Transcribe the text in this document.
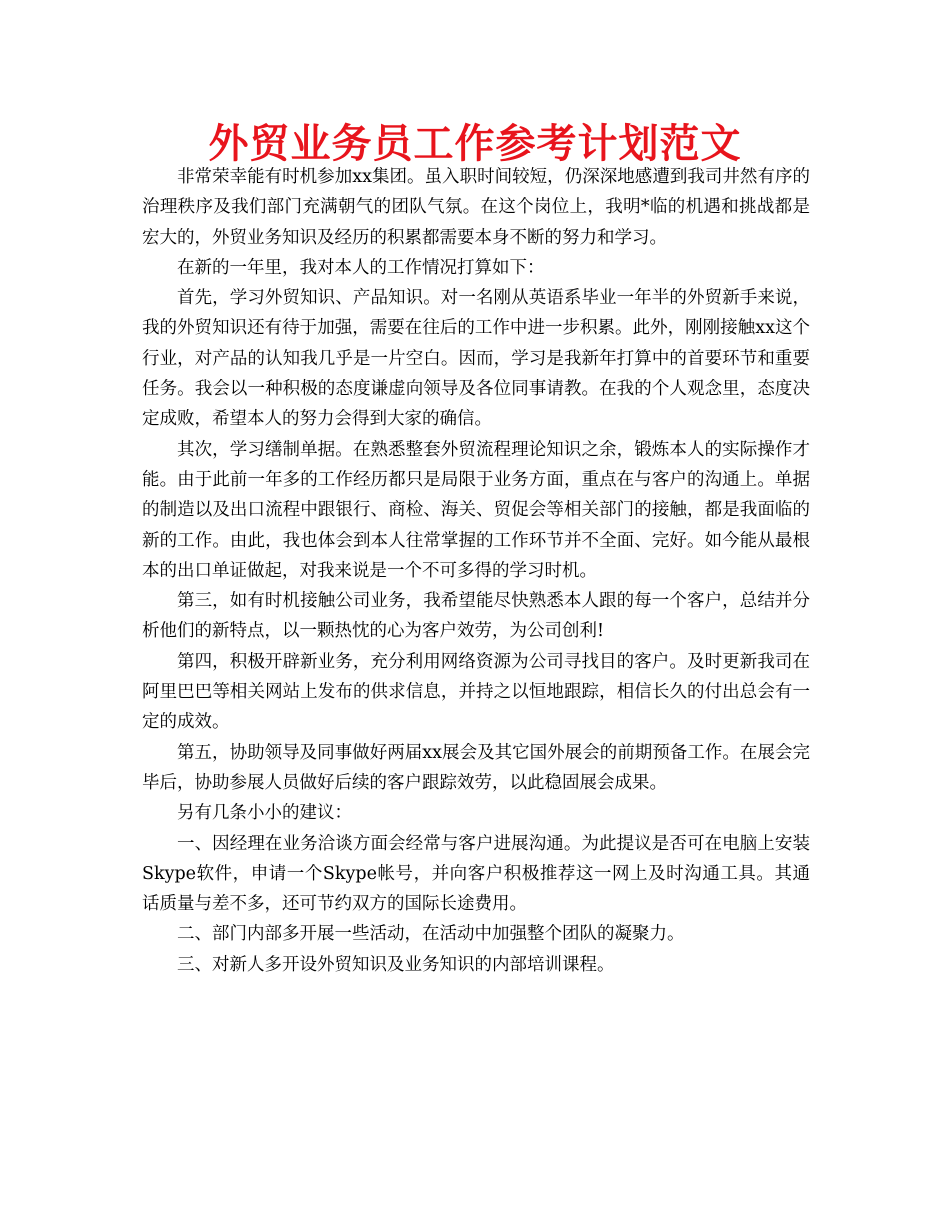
外贸业务员工作参考计划范文

非常荣幸能有时机参加xx集团。虽入职时间较短，仍深深地感遭到我司井然有序的治理秩序及我们部门充满朝气的团队气氛。在这个岗位上，我明*临的机遇和挑战都是宏大的，外贸业务知识及经历的积累都需要本身不断的努力和学习。

在新的一年里，我对本人的工作情况打算如下：

首先，学习外贸知识、产品知识。对一名刚从英语系毕业一年半的外贸新手来说，我的外贸知识还有待于加强，需要在往后的工作中进一步积累。此外，刚刚接触xx这个行业，对产品的认知我几乎是一片空白。因而，学习是我新年打算中的首要环节和重要任务。我会以一种积极的态度谦虚向领导及各位同事请教。在我的个人观念里，态度决定成败，希望本人的努力会得到大家的确信。

其次，学习缮制单据。在熟悉整套外贸流程理论知识之余，锻炼本人的实际操作才能。由于此前一年多的工作经历都只是局限于业务方面，重点在与客户的沟通上。单据的制造以及出口流程中跟银行、商检、海关、贸促会等相关部门的接触，都是我面临的新的工作。由此，我也体会到本人往常掌握的工作环节并不全面、完好。如今能从最根本的出口单证做起，对我来说是一个不可多得的学习时机。

第三，如有时机接触公司业务，我希望能尽快熟悉本人跟的每一个客户，总结并分析他们的新特点，以一颗热忱的心为客户效劳，为公司创利!

第四，积极开辟新业务，充分利用网络资源为公司寻找目的客户。及时更新我司在阿里巴巴等相关网站上发布的供求信息，并持之以恒地跟踪，相信长久的付出总会有一定的成效。

第五，协助领导及同事做好两届xx展会及其它国外展会的前期预备工作。在展会完毕后，协助参展人员做好后续的客户跟踪效劳，以此稳固展会成果。

另有几条小小的建议：

一、因经理在业务洽谈方面会经常与客户进展沟通。为此提议是否可在电脑上安装Skype软件，申请一个Skype帐号，并向客户积极推荐这一网上及时沟通工具。其通话质量与差不多，还可节约双方的国际长途费用。

二、部门内部多开展一些活动，在活动中加强整个团队的凝聚力。

三、对新人多开设外贸知识及业务知识的内部培训课程。
